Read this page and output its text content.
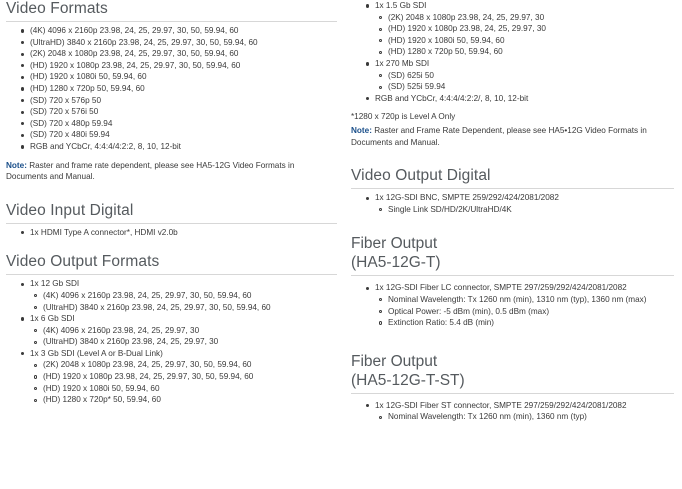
Video Formats
(4K) 4096 x 2160p 23.98, 24, 25, 29.97, 30, 50, 59.94, 60
(UltraHD) 3840 x 2160p 23.98, 24, 25, 29.97, 30, 50, 59.94, 60
(2K) 2048 x 1080p 23.98, 24, 25, 29.97, 30, 50, 59.94, 60
(HD) 1920 x 1080p 23.98, 24, 25, 29.97, 30, 50, 59.94, 60
(HD) 1920 x 1080i 50, 59.94, 60
(HD) 1280 x 720p 50, 59.94, 60
(SD) 720 x 576p 50
(SD) 720 x 576i 50
(SD) 720 x 480p 59.94
(SD) 720 x 480i 59.94
RGB and YCbCr, 4:4:4/4:2:2, 8, 10, 12-bit

Note: Raster and frame rate dependent, please see HA5-12G Video Formats in Documents and Manual.

Video Input Digital
1x HDMI Type A connector*, HDMI v2.0b
Video Output Formats
1x 12 Gb SDI
(4K) 4096 x 2160p 23.98, 24, 25, 29.97, 30, 50, 59.94, 60
(UltraHD) 3840 x 2160p 23.98, 24, 25, 29.97, 30, 50, 59.94, 60
1x 6 Gb SDI
(4K) 4096 x 2160p 23.98, 24, 25, 29.97, 30
(UltraHD) 3840 x 2160p 23.98, 24, 25, 29.97, 30
1x 3 Gb SDI (Level A or B-Dual Link)
(2K) 2048 x 1080p 23.98, 24, 25, 29.97, 30, 50, 59.94, 60
(HD) 1920 x 1080p 23.98, 24, 25, 29.97, 30, 50, 59.94, 60
(HD) 1920 x 1080i 50, 59.94, 60
(HD) 1280 x 720p* 50, 59.94, 60
1x 1.5 Gb SDI
(2K) 2048 x 1080p 23.98, 24, 25, 29.97, 30
(HD) 1920 x 1080p 23.98, 24, 25, 29.97, 30
(HD) 1920 x 1080i 50, 59.94, 60
(HD) 1280 x 720p 50, 59.94, 60
1x 270 Mb SDI
(SD) 625i 50
(SD) 525i 59.94
RGB and YCbCr, 4:4:4/4:2:2/, 8, 10, 12-bit

*1280 x 720p is Level A Only

Note: Raster and Frame Rate Dependent, please see HA5•12G Video Formats in Documents and Manual.

Video Output Digital
1x 12G-SDI BNC, SMPTE 259/292/424/2081/2082
Single Link SD/HD/2K/UltraHD/4K
Fiber Output
(HA5-12G-T)
1x 12G-SDI Fiber LC connector, SMPTE 297/259/292/424/2081/2082
Nominal Wavelength: Tx 1260 nm (min), 1310 nm (typ), 1360 nm (max)
Optical Power: -5 dBm (min), 0.5 dBm (max)
Extinction Ratio: 5.4 dB (min)
Fiber Output
(HA5-12G-T-ST)
1x 12G-SDI Fiber ST connector, SMPTE 297/259/292/424/2081/2082
Nominal Wavelength: Tx 1260 nm (min), 1360 nm (typ)
